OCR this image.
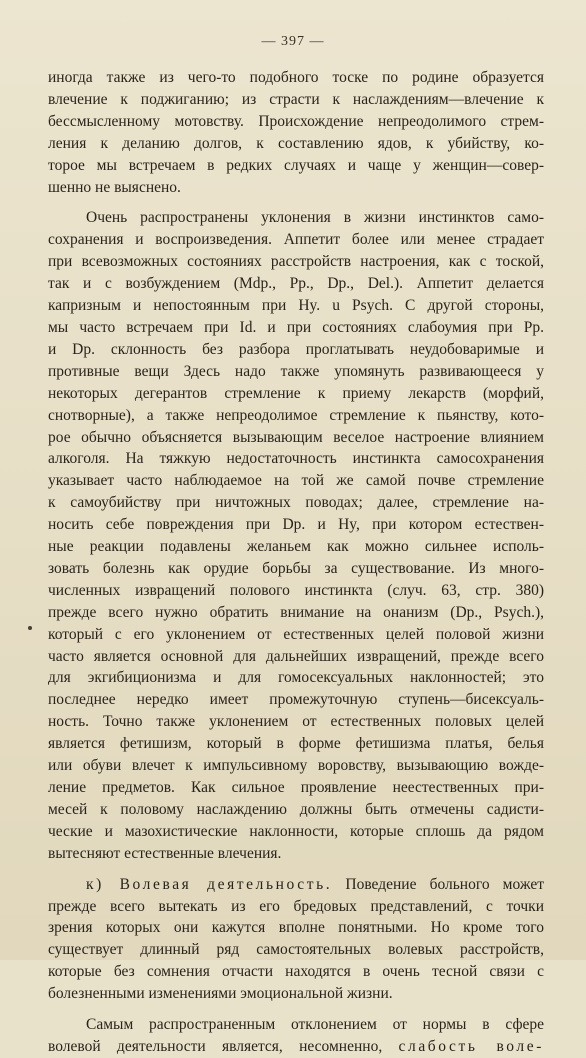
— 397 —
иногда также из чего-то подобного тоске по родине образуется
влечение к поджиганию; из страсти к наслаждениям—влечение к
бессмысленному мотовству. Происхождение непреодолимого стрем-
ления к деланию долгов, к составлению ядов, к убийству, ко-
торое мы встречаем в редких случаях и чаще у женщин—совер-
шенно не выяснено.
Очень распространены уклонения в жизни инстинктов само-
сохранения и воспроизведения. Аппетит более или менее страдает
при всевозможных состояниях расстройств настроения, как с тоской,
так и с возбуждением (Mdp., Pp., Dp., Del.). Аппетит делается
капризным и непостоянным при Hy. u Psych. С другой стороны,
мы часто встречаем при Id. и при состояниях слабоумия при Pp.
и Dp. склонность без разбора проглатывать неудобоваримые и
противные вещи Здесь надо также упомянуть развивающееся у
некоторых дегерантов стремление к приему лекарств (морфий,
снотворные), а также непреодолимое стремление к пьянству, кото-
рое обычно объясняется вызывающим веселое настроение влиянием
алкоголя. На тяжкую недостаточность инстинкта самосохранения
указывает часто наблюдаемое на той же самой почве стремление
к самоубийству при ничтожных поводах; далее, стремление на-
носить себе повреждения при Dp. и Hy, при котором естествен-
ные реакции подавлены желаньем как можно сильнее исполь-
зовать болезнь как орудие борьбы за существование. Из много-
численных извращений полового инстинкта (случ. 63, стр. 380)
прежде всего нужно обратить внимание на онанизм (Dp., Psych.),
который с его уклонением от естественных целей половой жизни
часто является основной для дальнейших извращений, прежде всего
для экгибиционизма и для гомосексуальных наклонностей; это
последнее нередко имеет промежуточную ступень—бисексуаль-
ность. Точно также уклонением от естественных половых целей
является фетишизм, который в форме фетишизма платья, белья
или обуви влечет к импульсивному воровству, вызывающию вожде-
ление предметов. Как сильное проявление неестественных при-
месей к половому наслаждению должны быть отмечены садисти-
ческие и мазохистические наклонности, которые сплошь да рядом
вытесняют естественные влечения.
к) Волевая деятельность. Поведение больного может
прежде всего вытекать из его бредовых представлений, с точки
зрения которых они кажутся вполне понятными. Но кроме того
существует длинный ряд самостоятельных волевых расстройств,
которые без сомнения отчасти находятся в очень тесной связи с
болезненными изменениями эмоциональной жизни.
Самым распространенным отклонением от нормы в сфере
волевой деятельности является, несомненно, слабость воле-
